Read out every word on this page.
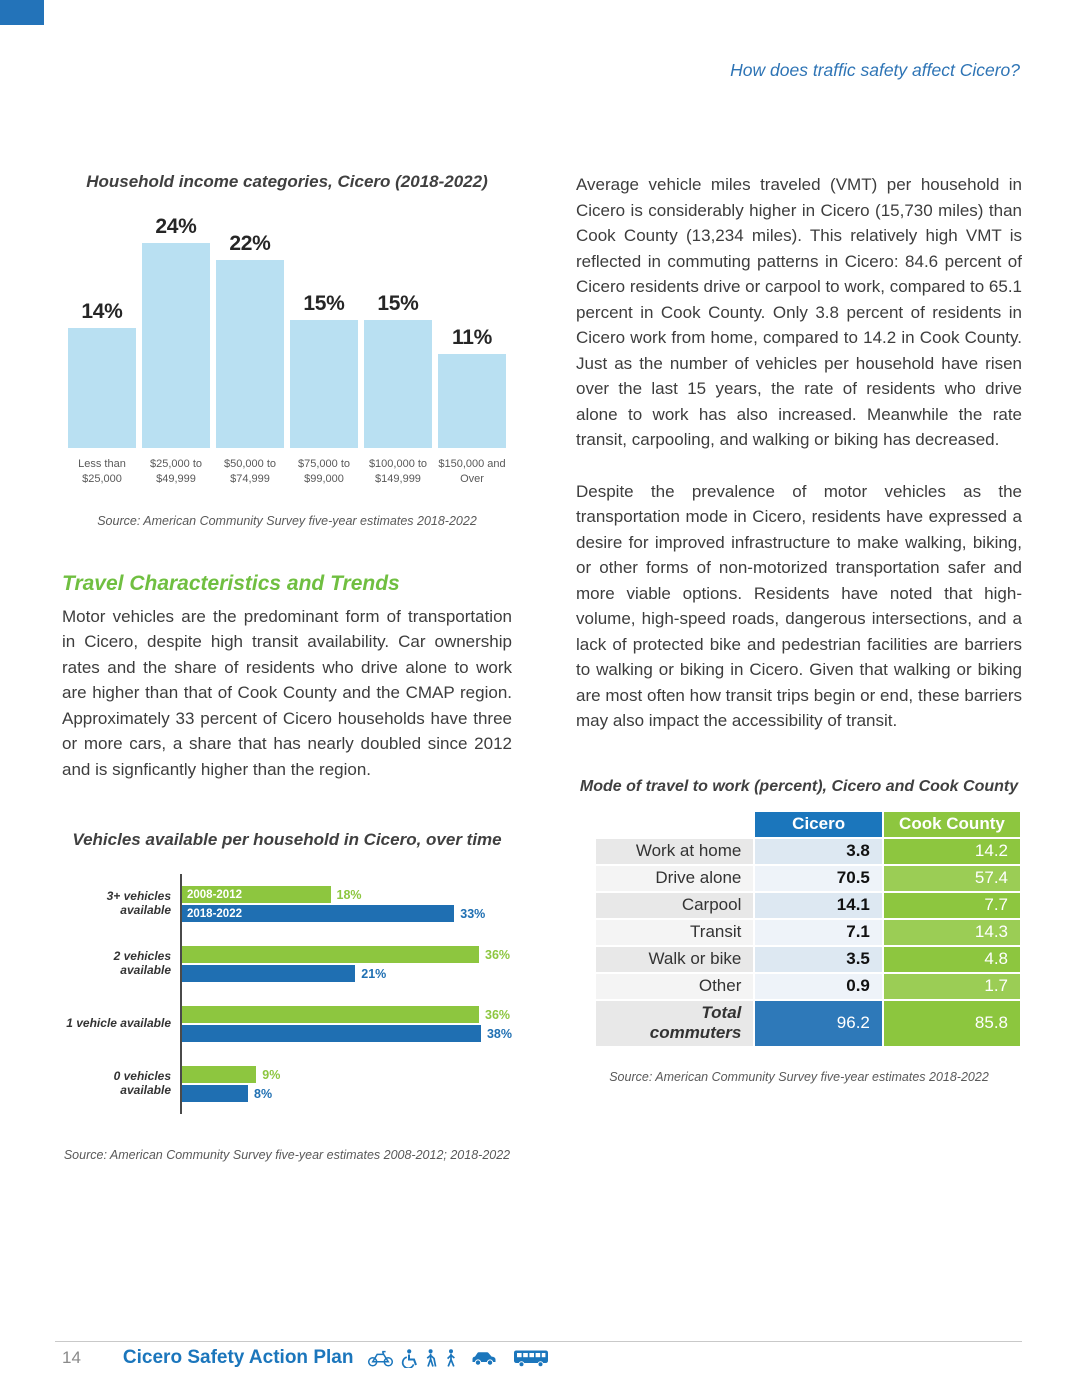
How does traffic safety affect Cicero?
Household income categories, Cicero (2018-2022)
14%
Less than
$25,000
24%
$25,000 to
$49,999
22%
$50,000 to
$74,999
15%
$75,000 to
$99,000
15%
$100,000 to
$149,999
11%
$150,000 and
Over
Source: American Community Survey five-year estimates 2018-2022
Travel Characteristics and Trends

Motor vehicles are the predominant form of transportation in Cicero, despite high transit availability. Car ownership rates and the share of residents who drive alone to work are higher than that of Cook County and the CMAP region. Approximately 33 percent of Cicero households have three or more cars, a share that has nearly doubled since 2012 and is signficantly higher than the region.

Vehicles available per household in Cicero, over time
3+ vehicles available
2008-2012	18%
2018-2022	33%
2 vehicles available
36%
21%
1 vehicle available
36%
38%
0 vehicles available
9%
8%
Source: American Community Survey five-year estimates 2008-2012; 2018-2022

Average vehicle miles traveled (VMT) per household in Cicero is considerably higher in Cicero (15,730 miles) than Cook County (13,234 miles). This relatively high VMT is reflected in commuting patterns in Cicero: 84.6 percent of Cicero residents drive or carpool to work, compared to 65.1 percent in Cook County. Only 3.8 percent of residents in Cicero work from home, compared to 14.2 in Cook County. Just as the number of vehicles per household have risen over the last 15 years, the rate of residents who drive alone to work has also increased. Meanwhile the rate transit, carpooling, and walking or biking has decreased.

Despite the prevalence of motor vehicles as the transportation mode in Cicero, residents have expressed a desire for improved infrastructure to make walking, biking, or other forms of non-motorized transportation safer and more viable options. Residents have noted that high-volume, high-speed roads, dangerous intersections, and a lack of protected bike and pedestrian facilities are barriers to walking or biking in Cicero. Given that walking or biking are most often how transit trips begin or end, these barriers may also impact the accessibility of transit.

Mode of travel to work (percent), Cicero and Cook County
	Cicero	Cook County
Work at home	3.8	14.2
Drive alone	70.5	57.4
Carpool	14.1	7.7
Transit	7.1	14.3
Walk or bike	3.5	4.8
Other	0.9	1.7
Total commuters	96.2	85.8
Source: American Community Survey five-year estimates 2018-2022
14 Cicero Safety Action Plan
